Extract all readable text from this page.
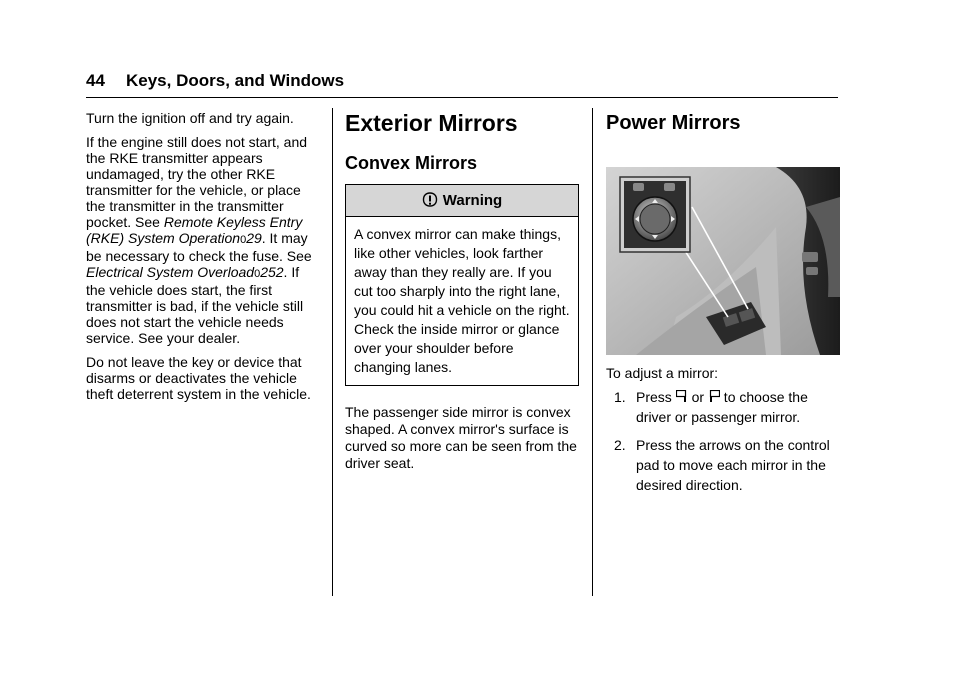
44 Keys, Doors, and Windows

Turn the ignition off and try again.

If the engine still does not start, and the RKE transmitter appears undamaged, try the other RKE transmitter for the vehicle, or place the transmitter in the transmitter pocket. See Remote Keyless Entry (RKE) System Operation029. It may be necessary to check the fuse. See Electrical System Overload0252. If the vehicle does start, the first transmitter is bad, if the vehicle still does not start the vehicle needs service. See your dealer.

Do not leave the key or device that disarms or deactivates the vehicle theft deterrent system in the vehicle.

Exterior Mirrors
Convex Mirrors
Warning
A convex mirror can make things, like other vehicles, look farther away than they really are. If you cut too sharply into the right lane, you could hit a vehicle on the right. Check the inside mirror or glance over your shoulder before changing lanes.

The passenger side mirror is convex shaped. A convex mirror's surface is curved so more can be seen from the driver seat.

Power Mirrors

To adjust a mirror:

1. Press  or  to choose the driver or passenger mirror.
2. Press the arrows on the control pad to move each mirror in the desired direction.
